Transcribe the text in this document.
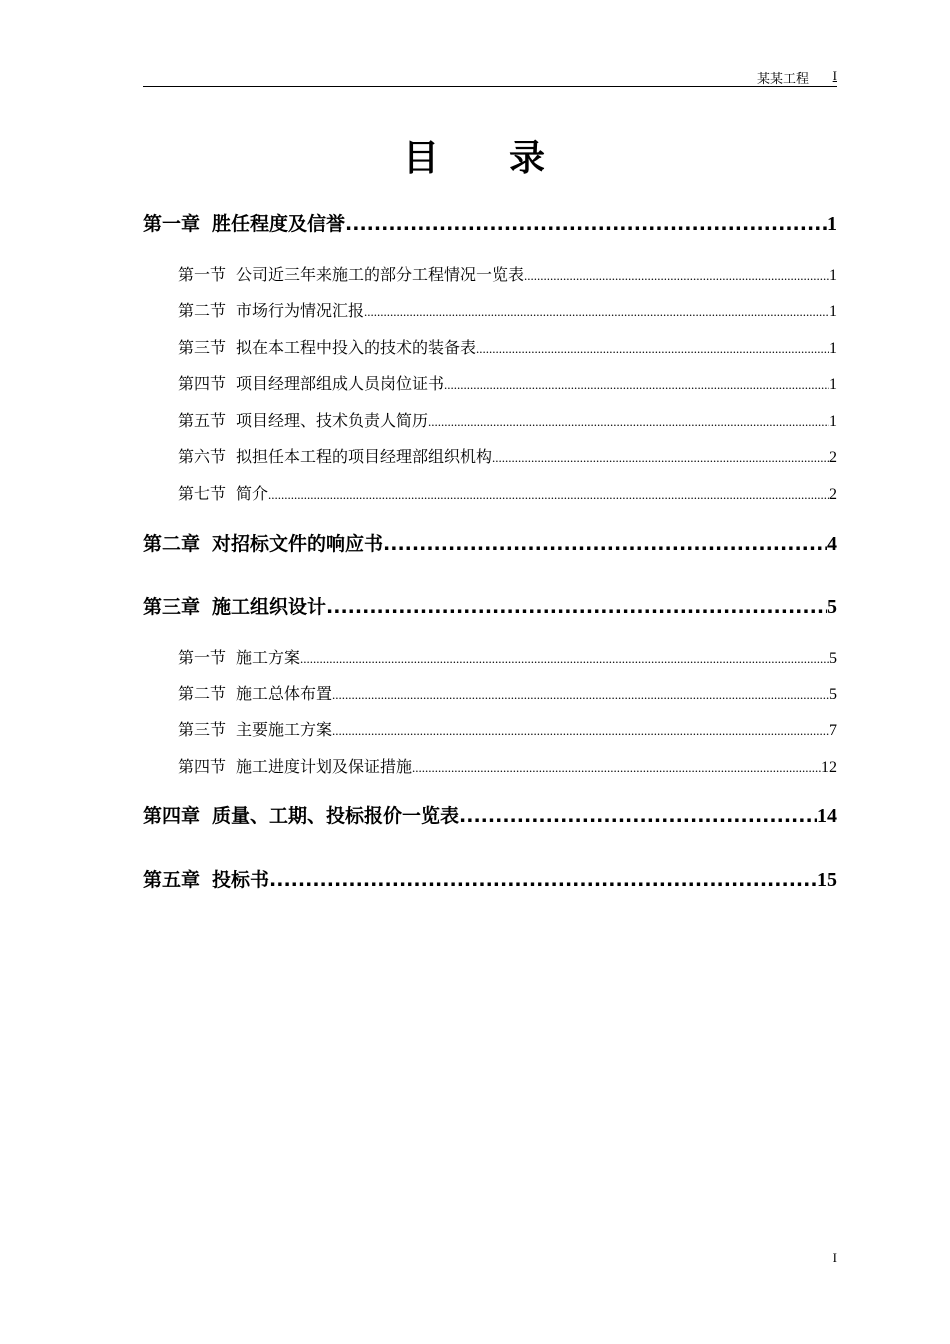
某某工程 I
目 录
第一章 胜任程度及信誉 .....	1
第一节 公司近三年来施工的部分工程情况一览表 .....	1
第二节 市场行为情况汇报 .....	1
第三节 拟在本工程中投入的技术的装备表 .....	1
第四节 项目经理部组成人员岗位证书 .....	1
第五节 项目经理、技术负责人简历 .....	1
第六节 拟担任本工程的项目经理部组织机构 .....	2
第七节 简介 .....	2
第二章 对招标文件的响应书 .....	4
第三章 施工组织设计 .....	5
第一节 施工方案 .....	5
第二节 施工总体布置 .....	5
第三节 主要施工方案 .....	7
第四节 施工进度计划及保证措施 .....	12
第四章 质量、工期、投标报价一览表 .....	14
第五章 投标书 .....	15
I
